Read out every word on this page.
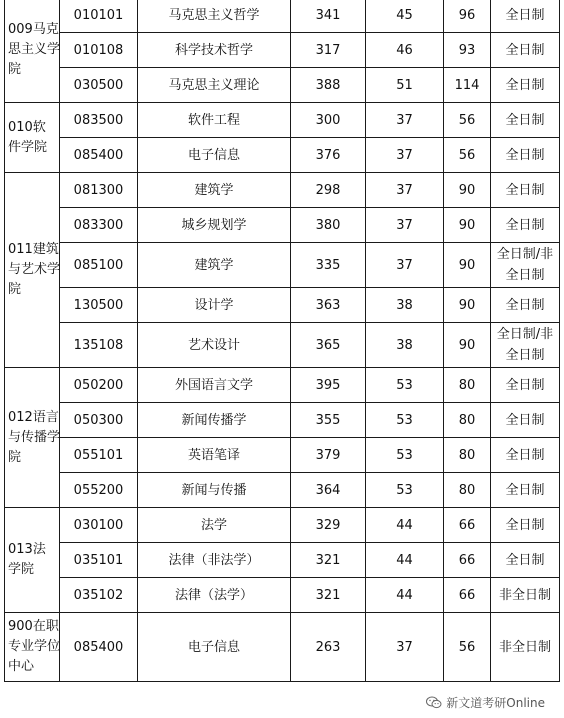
009马克思主义学院	010101	马克思主义哲学	341	45	96	全日制
	010108	科学技术哲学	317	46	93	全日制
	030500	马克思主义理论	388	51	114	全日制
010软件学院	083500	软件工程	300	37	56	全日制
	085400	电子信息	376	37	56	全日制
011建筑与艺术学院	081300	建筑学	298	37	90	全日制
	083300	城乡规划学	380	37	90	全日制
	085100	建筑学	335	37	90	全日制/非全日制
	130500	设计学	363	38	90	全日制
	135108	艺术设计	365	38	90	全日制/非全日制
012语言与传播学院	050200	外国语言文学	395	53	80	全日制
	050300	新闻传播学	355	53	80	全日制
	055101	英语笔译	379	53	80	全日制
	055200	新闻与传播	364	53	80	全日制
013法学院	030100	法学	329	44	66	全日制
	035101	法律（非法学）	321	44	66	全日制
	035102	法律（法学）	321	44	66	非全日制
900在职专业学位中心	085400	电子信息	263	37	56	非全日制
新文道考研Online
